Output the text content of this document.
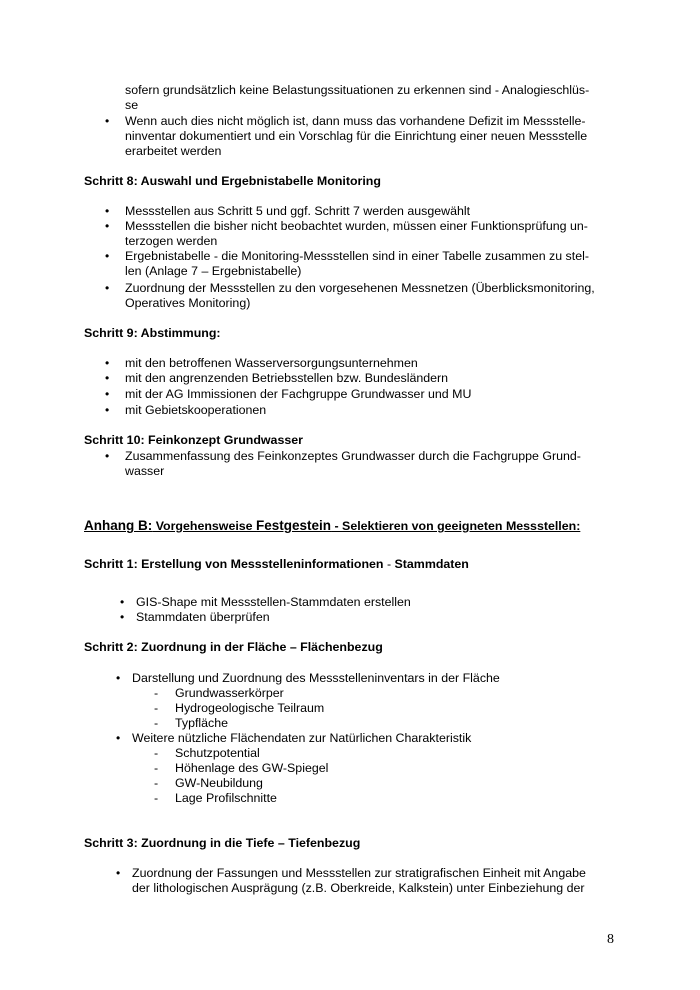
sofern grundsätzlich keine Belastungssituationen zu erkennen sind - Analogieschlüs-
se
• Wenn auch dies nicht möglich ist, dann muss das vorhandene Defizit im Messstelle-
ninventar dokumentiert und ein Vorschlag für die Einrichtung einer neuen Messstelle
erarbeitet werden
Schritt 8: Auswahl und Ergebnistabelle Monitoring
• Messstellen aus Schritt 5 und ggf. Schritt 7 werden ausgewählt
• Messstellen die bisher nicht beobachtet wurden, müssen einer Funktionsprüfung un-
terzogen werden
• Ergebnistabelle - die Monitoring-Messstellen sind in einer Tabelle zusammen zu stel-
len (Anlage 7 – Ergebnistabelle)
• Zuordnung der Messstellen zu den vorgesehenen Messnetzen (Überblicksmonitoring,
Operatives Monitoring)
Schritt 9: Abstimmung:
• mit den betroffenen Wasserversorgungsunternehmen
• mit den angrenzenden Betriebsstellen bzw. Bundesländern
• mit der AG Immissionen der Fachgruppe Grundwasser und MU
• mit Gebietskooperationen
Schritt 10: Feinkonzept Grundwasser
• Zusammenfassung des Feinkonzeptes Grundwasser durch die Fachgruppe Grund-
wasser
Anhang B: Vorgehensweise Festgestein - Selektieren von geeigneten Messstellen:
Schritt 1: Erstellung von Messstelleninformationen - Stammdaten
• GIS-Shape mit Messstellen-Stammdaten erstellen
• Stammdaten überprüfen
Schritt 2: Zuordnung in der Fläche – Flächenbezug
• Darstellung und Zuordnung des Messstelleninventars in der Fläche
- Grundwasserkörper
- Hydrogeologische Teilraum
- Typfläche
• Weitere nützliche Flächendaten zur Natürlichen Charakteristik
- Schutzpotential
- Höhenlage des GW-Spiegel
- GW-Neubildung
- Lage Profilschnitte
Schritt 3: Zuordnung in die Tiefe – Tiefenbezug
• Zuordnung der Fassungen und Messstellen zur stratigrafischen Einheit mit Angabe
der lithologischen Ausprägung (z.B. Oberkreide, Kalkstein) unter Einbeziehung der
8
